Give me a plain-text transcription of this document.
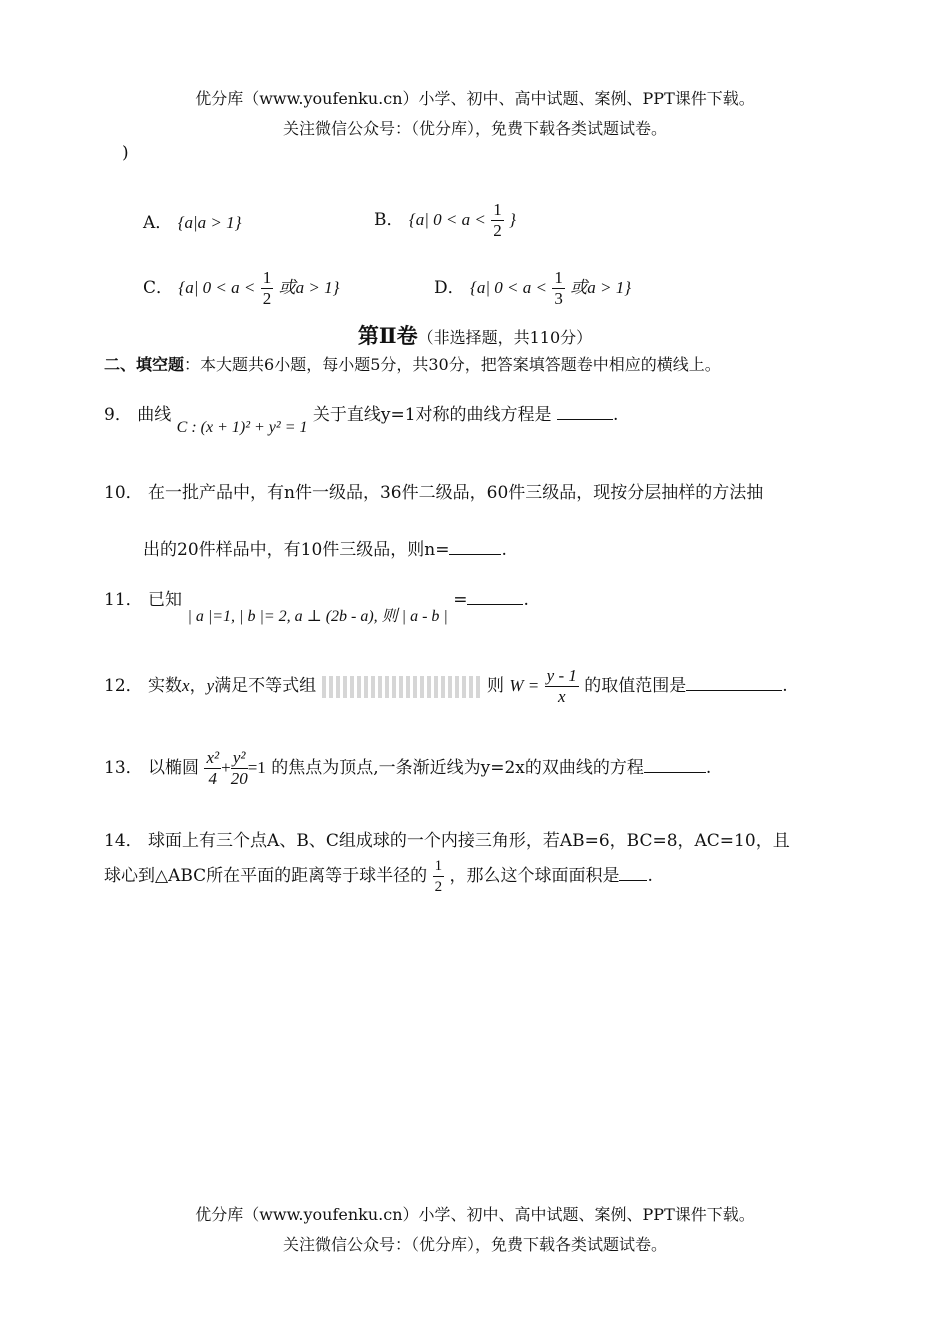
优分库（www.youfenku.cn）小学、初中、高中试题、案例、PPT课件下载。
关注微信公众号：（优分库），免费下载各类试题试卷。
)
A． {a|a > 1}	B． {a| $0 < a < \frac{1}{2}$ }
C． {a| $0 < a < \frac{1}{2}$ 或a > 1}	D． {a| $0 < a < \frac{1}{3}$ 或a > 1}
第Ⅱ卷（非选择题，共110分）
二、填空题：本大题共6小题，每小题5分，共30分，把答案填答题卷中相应的横线上。
9． 曲线 C : (x + 1)² + y² = 1 关于直线y=1对称的曲线方程是	.
10． 在一批产品中，有n件一级品，36件二级品，60件三级品，现按分层抽样的方法抽
出的20件样品中，有10件三级品，则n=	.
11． 已知 | a |=1, | b |= 2, a ⊥ (2b - a), 则 | a - b | =	.
12． 实数x，y满足不等式组	则 $W = \frac{y - 1}{x}$ 的取值范围是	.
13． 以椭圆 $\frac{\text{x²}}{4} + \frac{\text{y²}}{20} =1$ 的焦点为顶点,一条渐近线为y=2x的双曲线的方程	.
14． 球面上有三个点A、B、C组成球的一个内接三角形，若AB=6，BC=8，AC=10，且
球心到△ABC所在平面的距离等于球半径的 $\frac{1}{2}$ ，那么这个球面面积是 .
优分库（www.youfenku.cn）小学、初中、高中试题、案例、PPT课件下载。
关注微信公众号：（优分库），免费下载各类试题试卷。
